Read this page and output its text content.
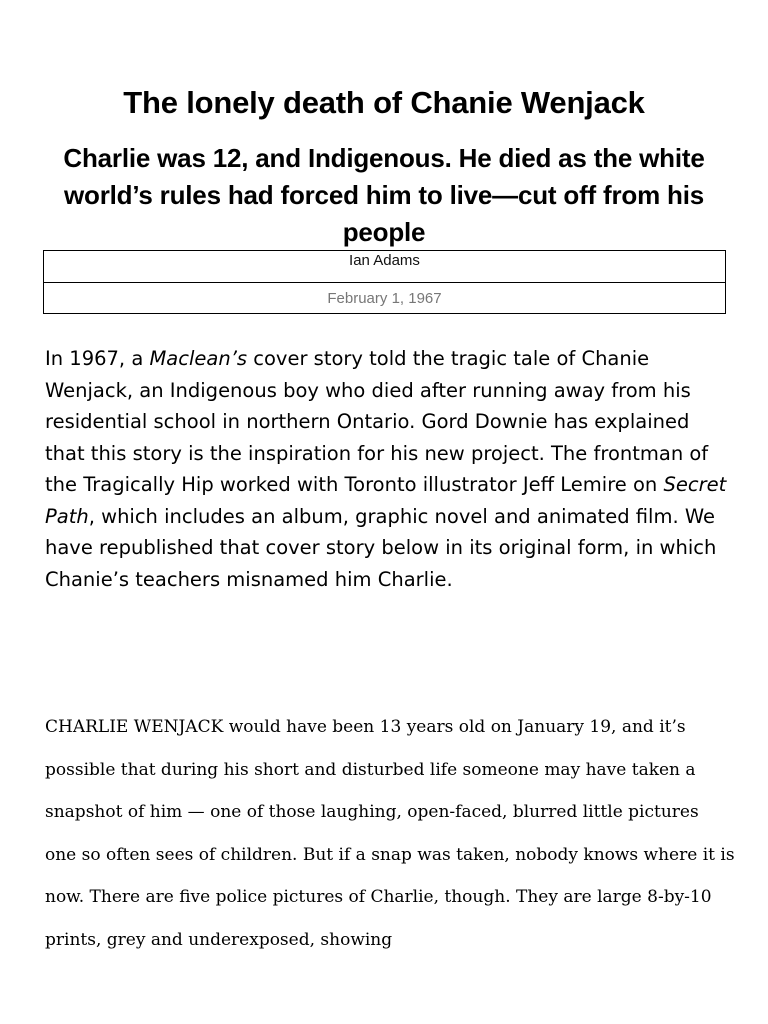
The lonely death of Chanie Wenjack
Charlie was 12, and Indigenous. He died as the white world’s rules had forced him to live—cut off from his people
Ian Adams
February 1, 1967

In 1967, a Maclean’s cover story told the tragic tale of Chanie Wenjack, an Indigenous boy who died after running away from his residential school in northern Ontario. Gord Downie has explained that this story is the inspiration for his new project. The frontman of the Tragically Hip worked with Toronto illustrator Jeff Lemire on Secret Path, which includes an album, graphic novel and animated film. We have republished that cover story below in its original form, in which Chanie’s teachers misnamed him Charlie.

CHARLIE WENJACK would have been 13 years old on January 19, and it’s possible that during his short and disturbed life someone may have taken a snapshot of him — one of those laughing, open-faced, blurred little pictures one so often sees of children. But if a snap was taken, nobody knows where it is now. There are five police pictures of Charlie, though. They are large 8-by-10 prints, grey and underexposed, showing
